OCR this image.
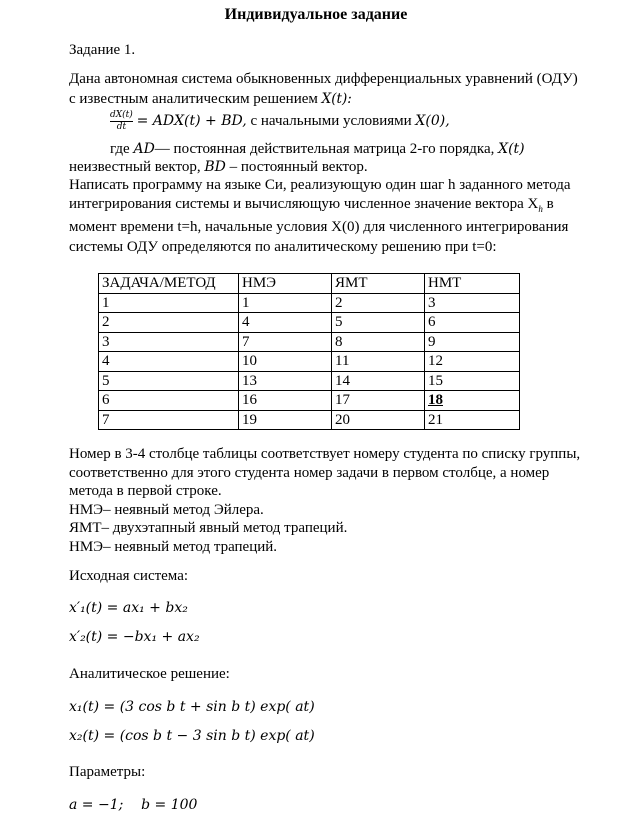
Индивидуальное задание
Задание 1.
Дана автономная система обыкновенных дифференциальных уравнений (ОДУ)
с известным аналитическим решением X(t):
$\frac{dX(t)}{dt} = ADX(t)$ + BD, с начальными условиями X(0),
где AD— постоянная действительная матрица 2-го порядка, X(t)
неизвестный вектор, BD – постоянный вектор.
Написать программу на языке Си, реализующую один шаг h заданного метода
интегрирования системы и вычисляющую численное значение вектора $X_h$ в
момент времени t=h, начальные условия X(0) для численного интегрирования
системы ОДУ определяются по аналитическому решению при t=0:
ЗАДАЧА/МЕТОД	НМЭ	ЯМТ	НМТ
1	1	2	3
2	4	5	6
3	7	8	9
4	10	11	12
5	13	14	15
6	16	17	18
7	19	20	21
Номер в 3-4 столбце таблицы соответствует номеру студента по списку группы,
соответственно для этого студента номер задачи в первом столбце, а номер
метода в первой строке.
НМЭ– неявный метод Эйлера.
ЯМТ– двухэтапный явный метод трапеций.
НМЭ– неявный метод трапеций.
Исходная система:
x′₁(t) = ax₁ + bx₂
x′₂(t) = −bx₁ + ax₂
Аналитическое решение:
x₁(t) = (3 cos b t + sin b t) exp( at)
x₂(t) = (cos b t − 3 sin b t) exp( at)
Параметры:
a = −1;    b = 100
